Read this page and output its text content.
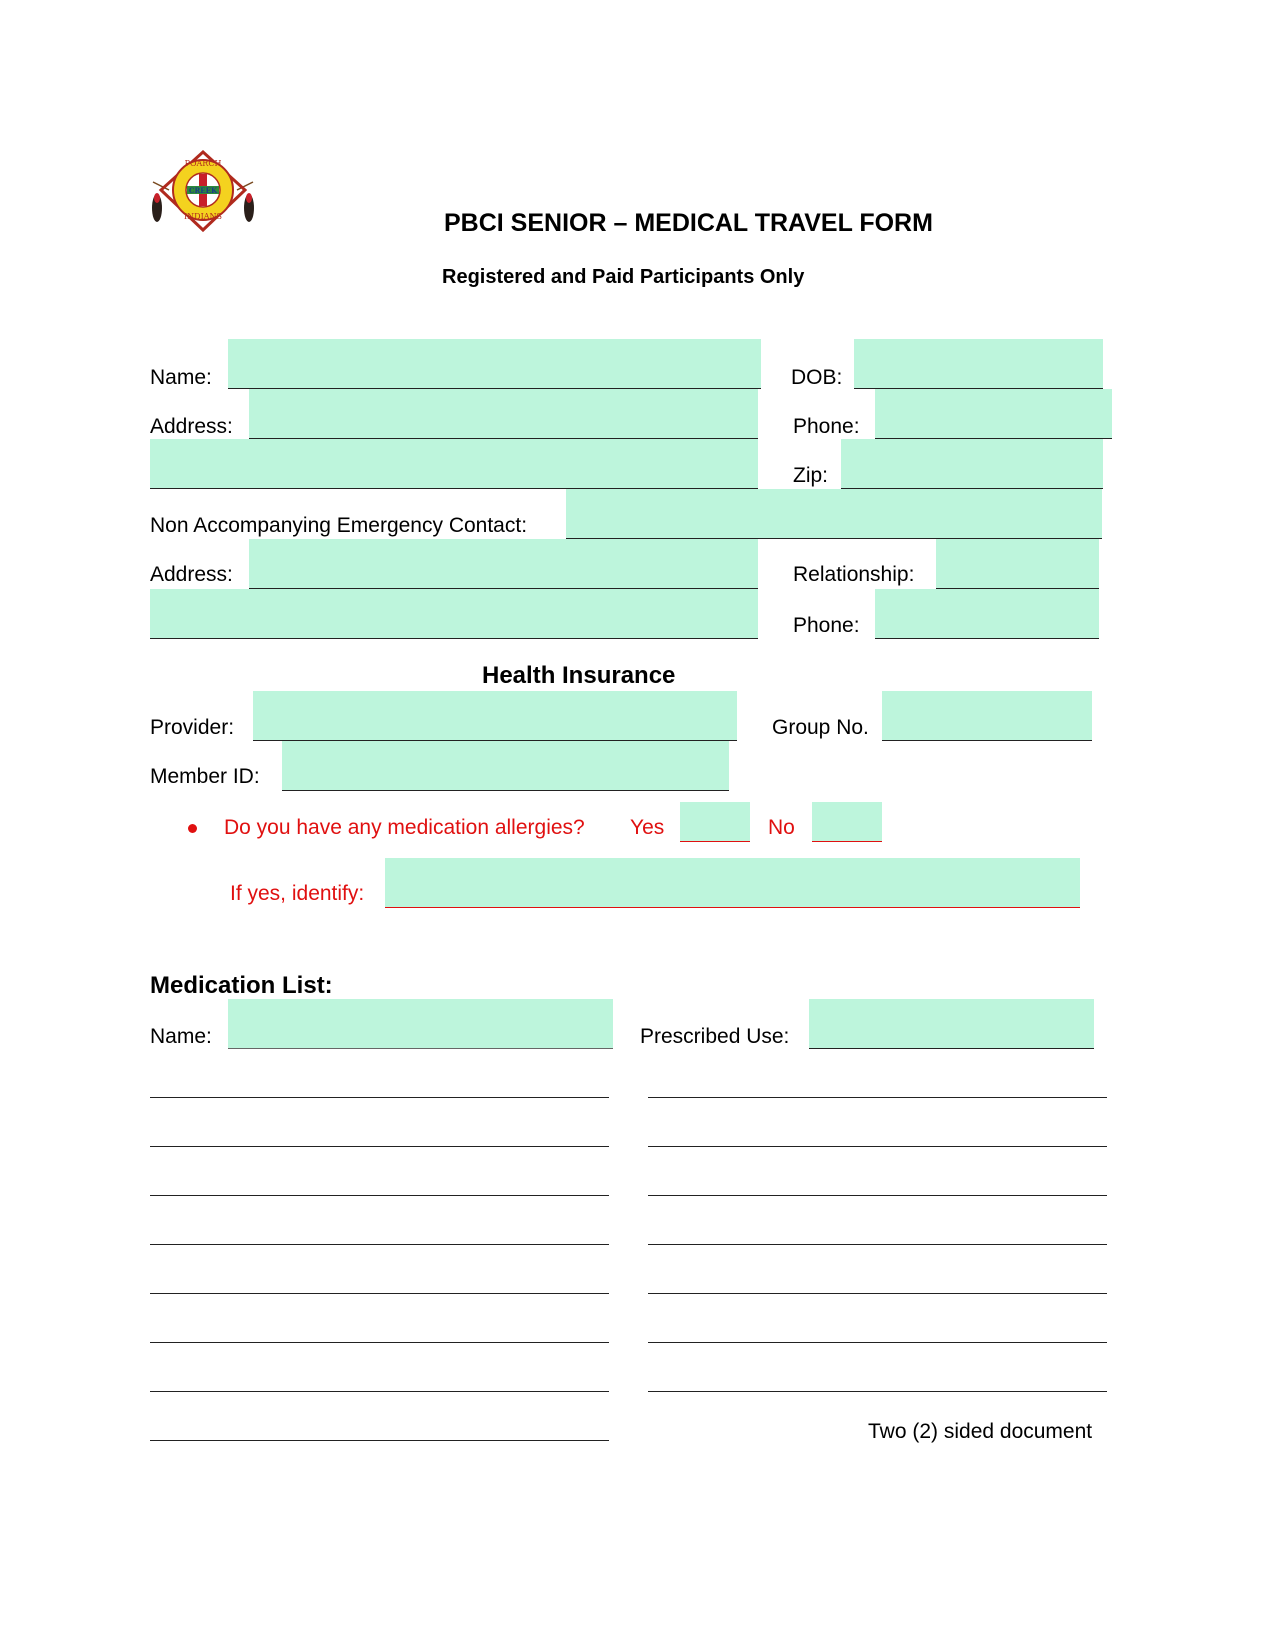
POARCH
CREEK
INDIANS	PBCI SENIOR – MEDICAL TRAVEL FORM
Registered and Paid Participants Only
Name:	DOB:
Address:	Phone:
Zip:
Non Accompanying Emergency Contact:
Address:	Relationship:
Phone:
Health Insurance
Provider:	Group No.
Member ID:
Do you have any medication allergies? Yes	No
If yes, identify:
Medication List:
Name:	Prescribed Use:
Two (2) sided document
